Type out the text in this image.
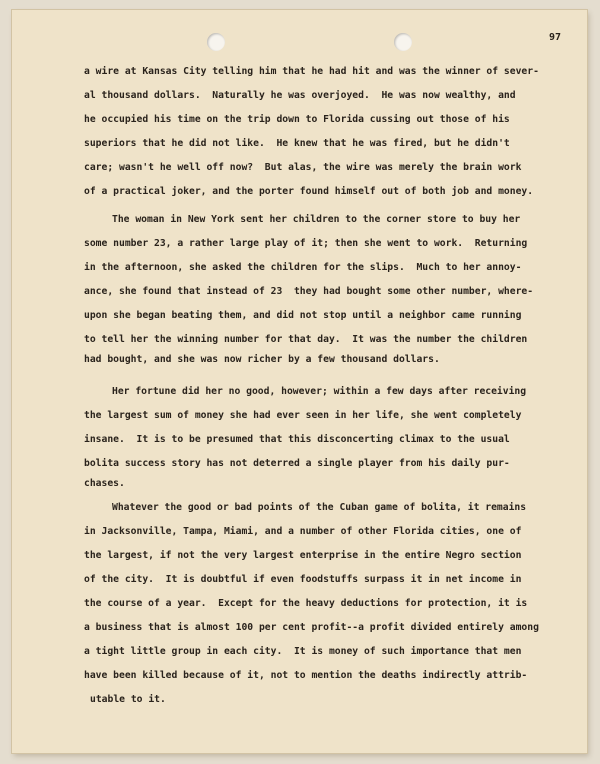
97
a wire at Kansas City telling him that he had hit and was the winner of sever-
al thousand dollars.  Naturally he was overjoyed.  He was now wealthy, and
he occupied his time on the trip down to Florida cussing out those of his
superiors that he did not like.  He knew that he was fired, but he didn't
care; wasn't he well off now?  But alas, the wire was merely the brain work
of a practical joker, and the porter found himself out of both job and money.
The woman in New York sent her children to the corner store to buy her
some number 23, a rather large play of it; then she went to work.  Returning
in the afternoon, she asked the children for the slips.  Much to her annoy-
ance, she found that instead of 23  they had bought some other number, where-
upon she began beating them, and did not stop until a neighbor came running
to tell her the winning number for that day.  It was the number the children
had bought, and she was now richer by a few thousand dollars.
Her fortune did her no good, however; within a few days after receiving
the largest sum of money she had ever seen in her life, she went completely
insane.  It is to be presumed that this disconcerting climax to the usual
bolita success story has not deterred a single player from his daily pur-
chases.
Whatever the good or bad points of the Cuban game of bolita, it remains
in Jacksonville, Tampa, Miami, and a number of other Florida cities, one of
the largest, if not the very largest enterprise in the entire Negro section
of the city.  It is doubtful if even foodstuffs surpass it in net income in
the course of a year.  Except for the heavy deductions for protection, it is
a business that is almost 100 per cent profit--a profit divided entirely among
a tight little group in each city.  It is money of such importance that men
have been killed because of it, not to mention the deaths indirectly attrib-
utable to it.
